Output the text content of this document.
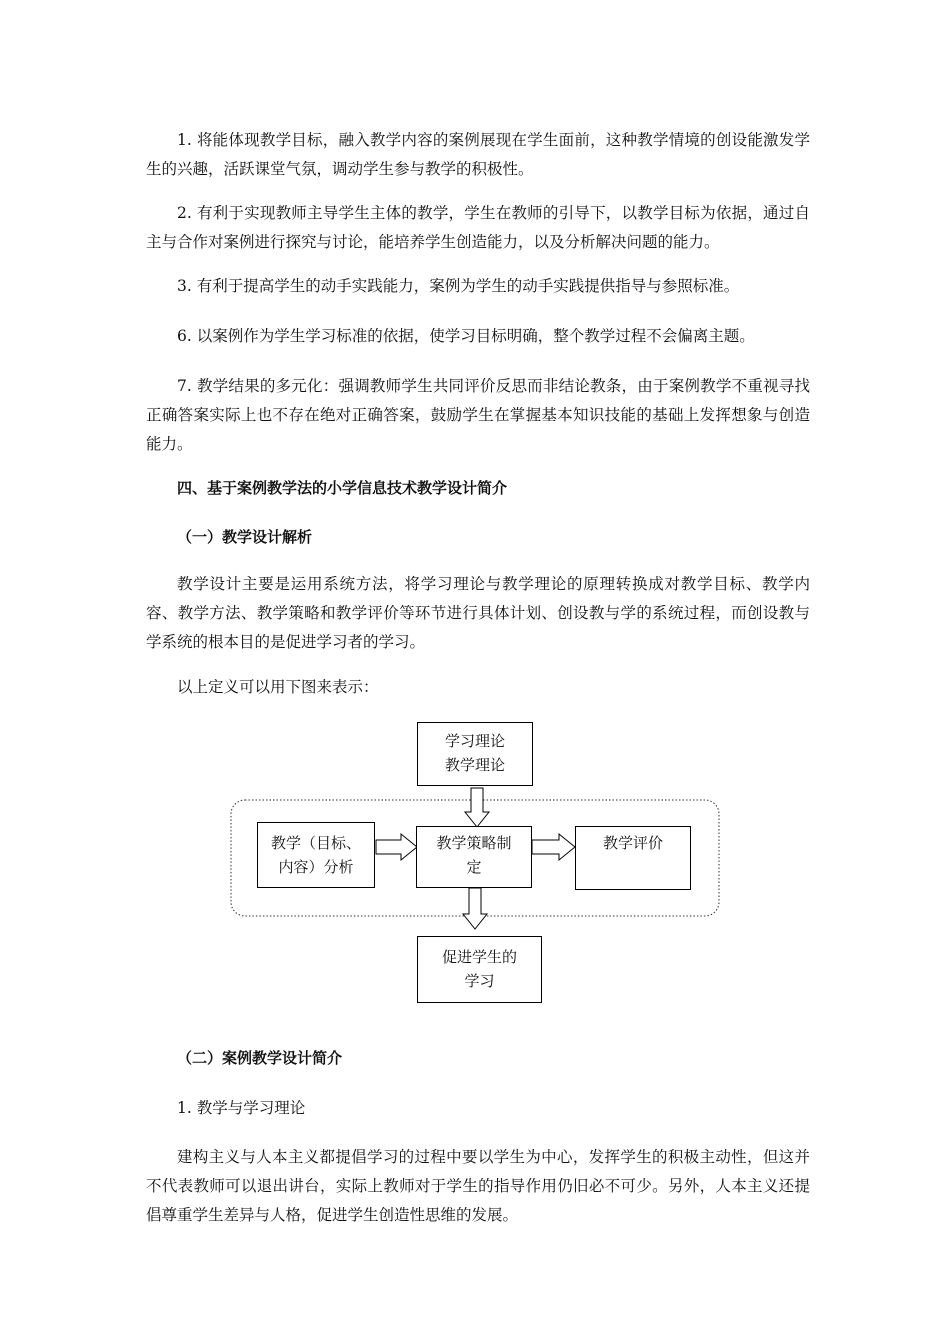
1. 将能体现教学目标，融入教学内容的案例展现在学生面前，这种教学情境的创设能激发学生的兴趣，活跃课堂气氛，调动学生参与教学的积极性。

2. 有利于实现教师主导学生主体的教学，学生在教师的引导下，以教学目标为依据，通过自主与合作对案例进行探究与讨论，能培养学生创造能力，以及分析解决问题的能力。

3. 有利于提高学生的动手实践能力，案例为学生的动手实践提供指导与参照标准。

6. 以案例作为学生学习标准的依据，使学习目标明确，整个教学过程不会偏离主题。

7. 教学结果的多元化：强调教师学生共同评价反思而非结论教条，由于案例教学不重视寻找正确答案实际上也不存在绝对正确答案，鼓励学生在掌握基本知识技能的基础上发挥想象与创造能力。

四、基于案例教学法的小学信息技术教学设计简介

（一）教学设计解析

教学设计主要是运用系统方法，将学习理论与教学理论的原理转换成对教学目标、教学内容、教学方法、教学策略和教学评价等环节进行具体计划、创设教与学的系统过程，而创设教与学系统的根本目的是促进学习者的学习。

以上定义可以用下图来表示：

学习理论
教学理论
教学（目标、
内容）分析
教学策略制
定
教学评价
促进学生的
学习

（二）案例教学设计简介

1. 教学与学习理论

建构主义与人本主义都提倡学习的过程中要以学生为中心，发挥学生的积极主动性，但这并不代表教师可以退出讲台，实际上教师对于学生的指导作用仍旧必不可少。另外，人本主义还提倡尊重学生差异与人格，促进学生创造性思维的发展。
